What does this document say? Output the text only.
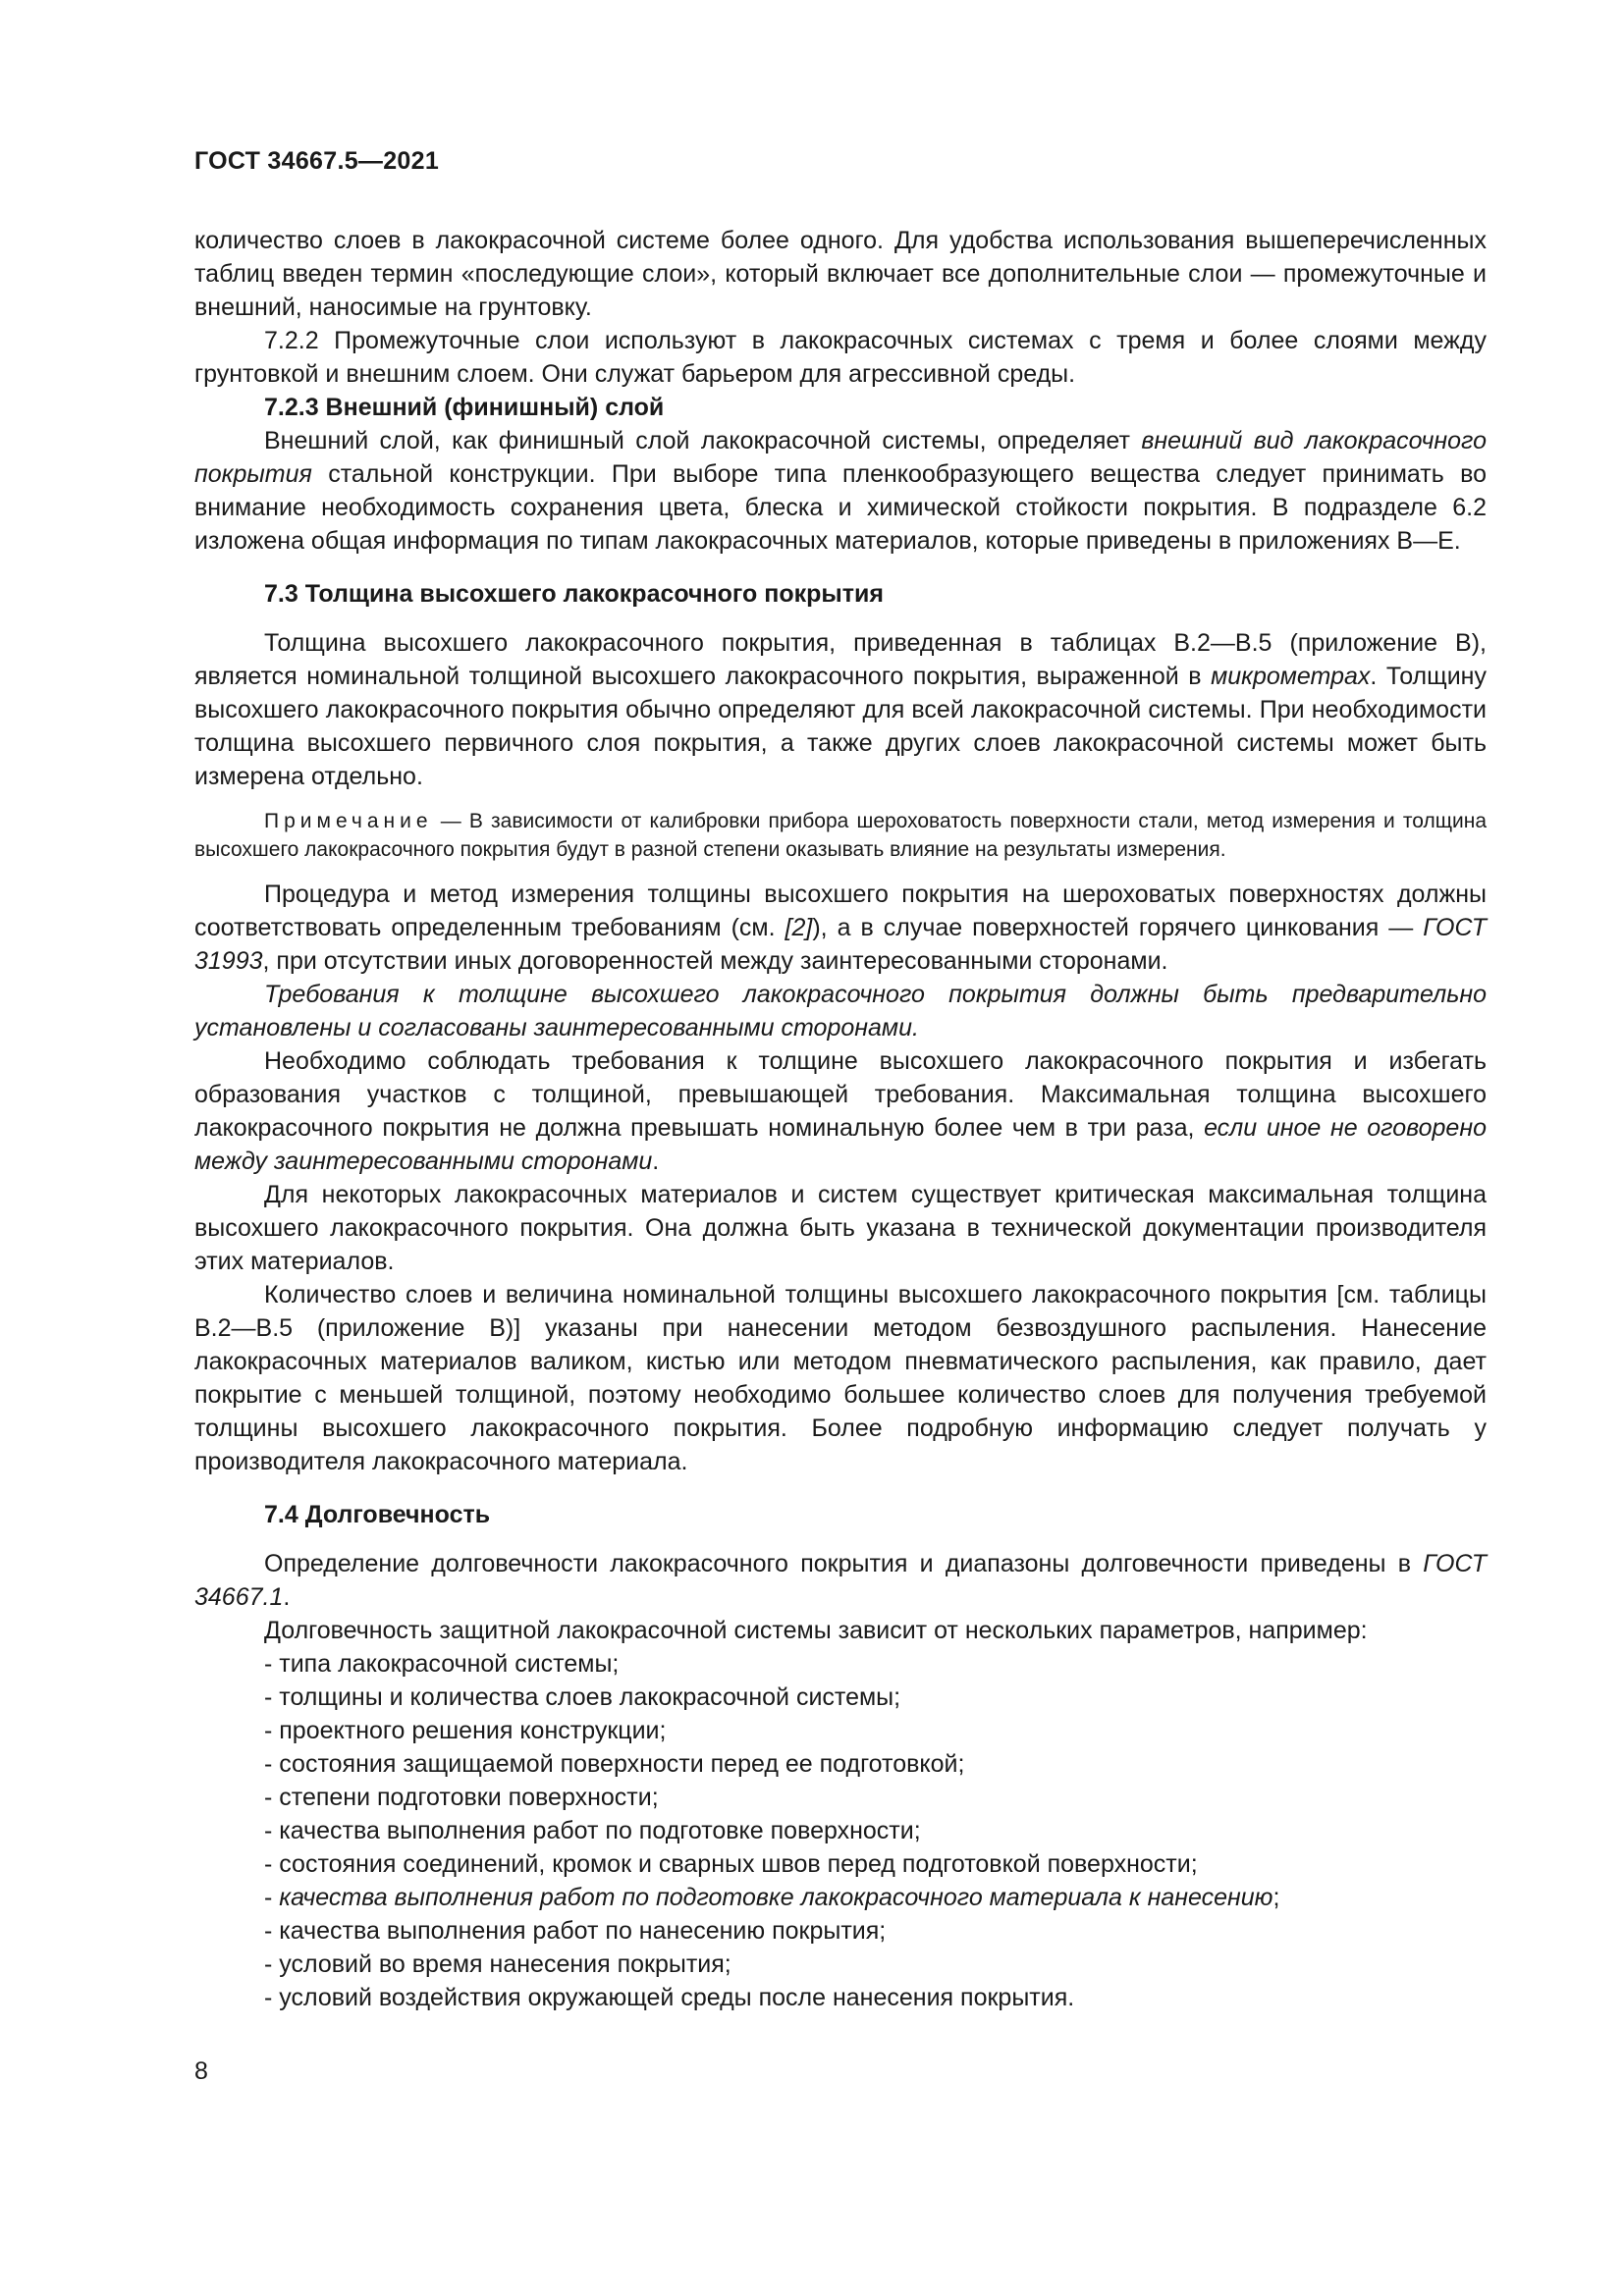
ГОСТ 34667.5—2021

количество слоев в лакокрасочной системе более одного. Для удобства использования вышеперечисленных таблиц введен термин «последующие слои», который включает все дополнительные слои — промежуточные и внешний, наносимые на грунтовку.

7.2.2 Промежуточные слои используют в лакокрасочных системах с тремя и более слоями между грунтовкой и внешним слоем. Они служат барьером для агрессивной среды.

7.2.3 Внешний (финишный) слой

Внешний слой, как финишный слой лакокрасочной системы, определяет внешний вид лакокрасочного покрытия стальной конструкции. При выборе типа пленкообразующего вещества следует принимать во внимание необходимость сохранения цвета, блеска и химической стойкости покрытия. В подразделе 6.2 изложена общая информация по типам лакокрасочных материалов, которые приведены в приложениях В—Е.

7.3 Толщина высохшего лакокрасочного покрытия

Толщина высохшего лакокрасочного покрытия, приведенная в таблицах В.2—В.5 (приложение В), является номинальной толщиной высохшего лакокрасочного покрытия, выраженной в микрометрах. Толщину высохшего лакокрасочного покрытия обычно определяют для всей лакокрасочной системы. При необходимости толщина высохшего первичного слоя покрытия, а также других слоев лакокрасочной системы может быть измерена отдельно.

Примечание — В зависимости от калибровки прибора шероховатость поверхности стали, метод измерения и толщина высохшего лакокрасочного покрытия будут в разной степени оказывать влияние на результаты измерения.

Процедура и метод измерения толщины высохшего покрытия на шероховатых поверхностях должны соответствовать определенным требованиям (см. [2]), а в случае поверхностей горячего цинкования — ГОСТ 31993, при отсутствии иных договоренностей между заинтересованными сторонами.

Требования к толщине высохшего лакокрасочного покрытия должны быть предварительно установлены и согласованы заинтересованными сторонами.

Необходимо соблюдать требования к толщине высохшего лакокрасочного покрытия и избегать образования участков с толщиной, превышающей требования. Максимальная толщина высохшего лакокрасочного покрытия не должна превышать номинальную более чем в три раза, если иное не оговорено между заинтересованными сторонами.

Для некоторых лакокрасочных материалов и систем существует критическая максимальная толщина высохшего лакокрасочного покрытия. Она должна быть указана в технической документации производителя этих материалов.

Количество слоев и величина номинальной толщины высохшего лакокрасочного покрытия [см. таблицы В.2—В.5 (приложение В)] указаны при нанесении методом безвоздушного распыления. Нанесение лакокрасочных материалов валиком, кистью или методом пневматического распыления, как правило, дает покрытие с меньшей толщиной, поэтому необходимо большее количество слоев для получения требуемой толщины высохшего лакокрасочного покрытия. Более подробную информацию следует получать у производителя лакокрасочного материала.

7.4 Долговечность

Определение долговечности лакокрасочного покрытия и диапазоны долговечности приведены в ГОСТ 34667.1.

Долговечность защитной лакокрасочной системы зависит от нескольких параметров, например:

- типа лакокрасочной системы;

- толщины и количества слоев лакокрасочной системы;

- проектного решения конструкции;

- состояния защищаемой поверхности перед ее подготовкой;

- степени подготовки поверхности;

- качества выполнения работ по подготовке поверхности;

- состояния соединений, кромок и сварных швов перед подготовкой поверхности;

- качества выполнения работ по подготовке лакокрасочного материала к нанесению;

- качества выполнения работ по нанесению покрытия;

- условий во время нанесения покрытия;

- условий воздействия окружающей среды после нанесения покрытия.

8
